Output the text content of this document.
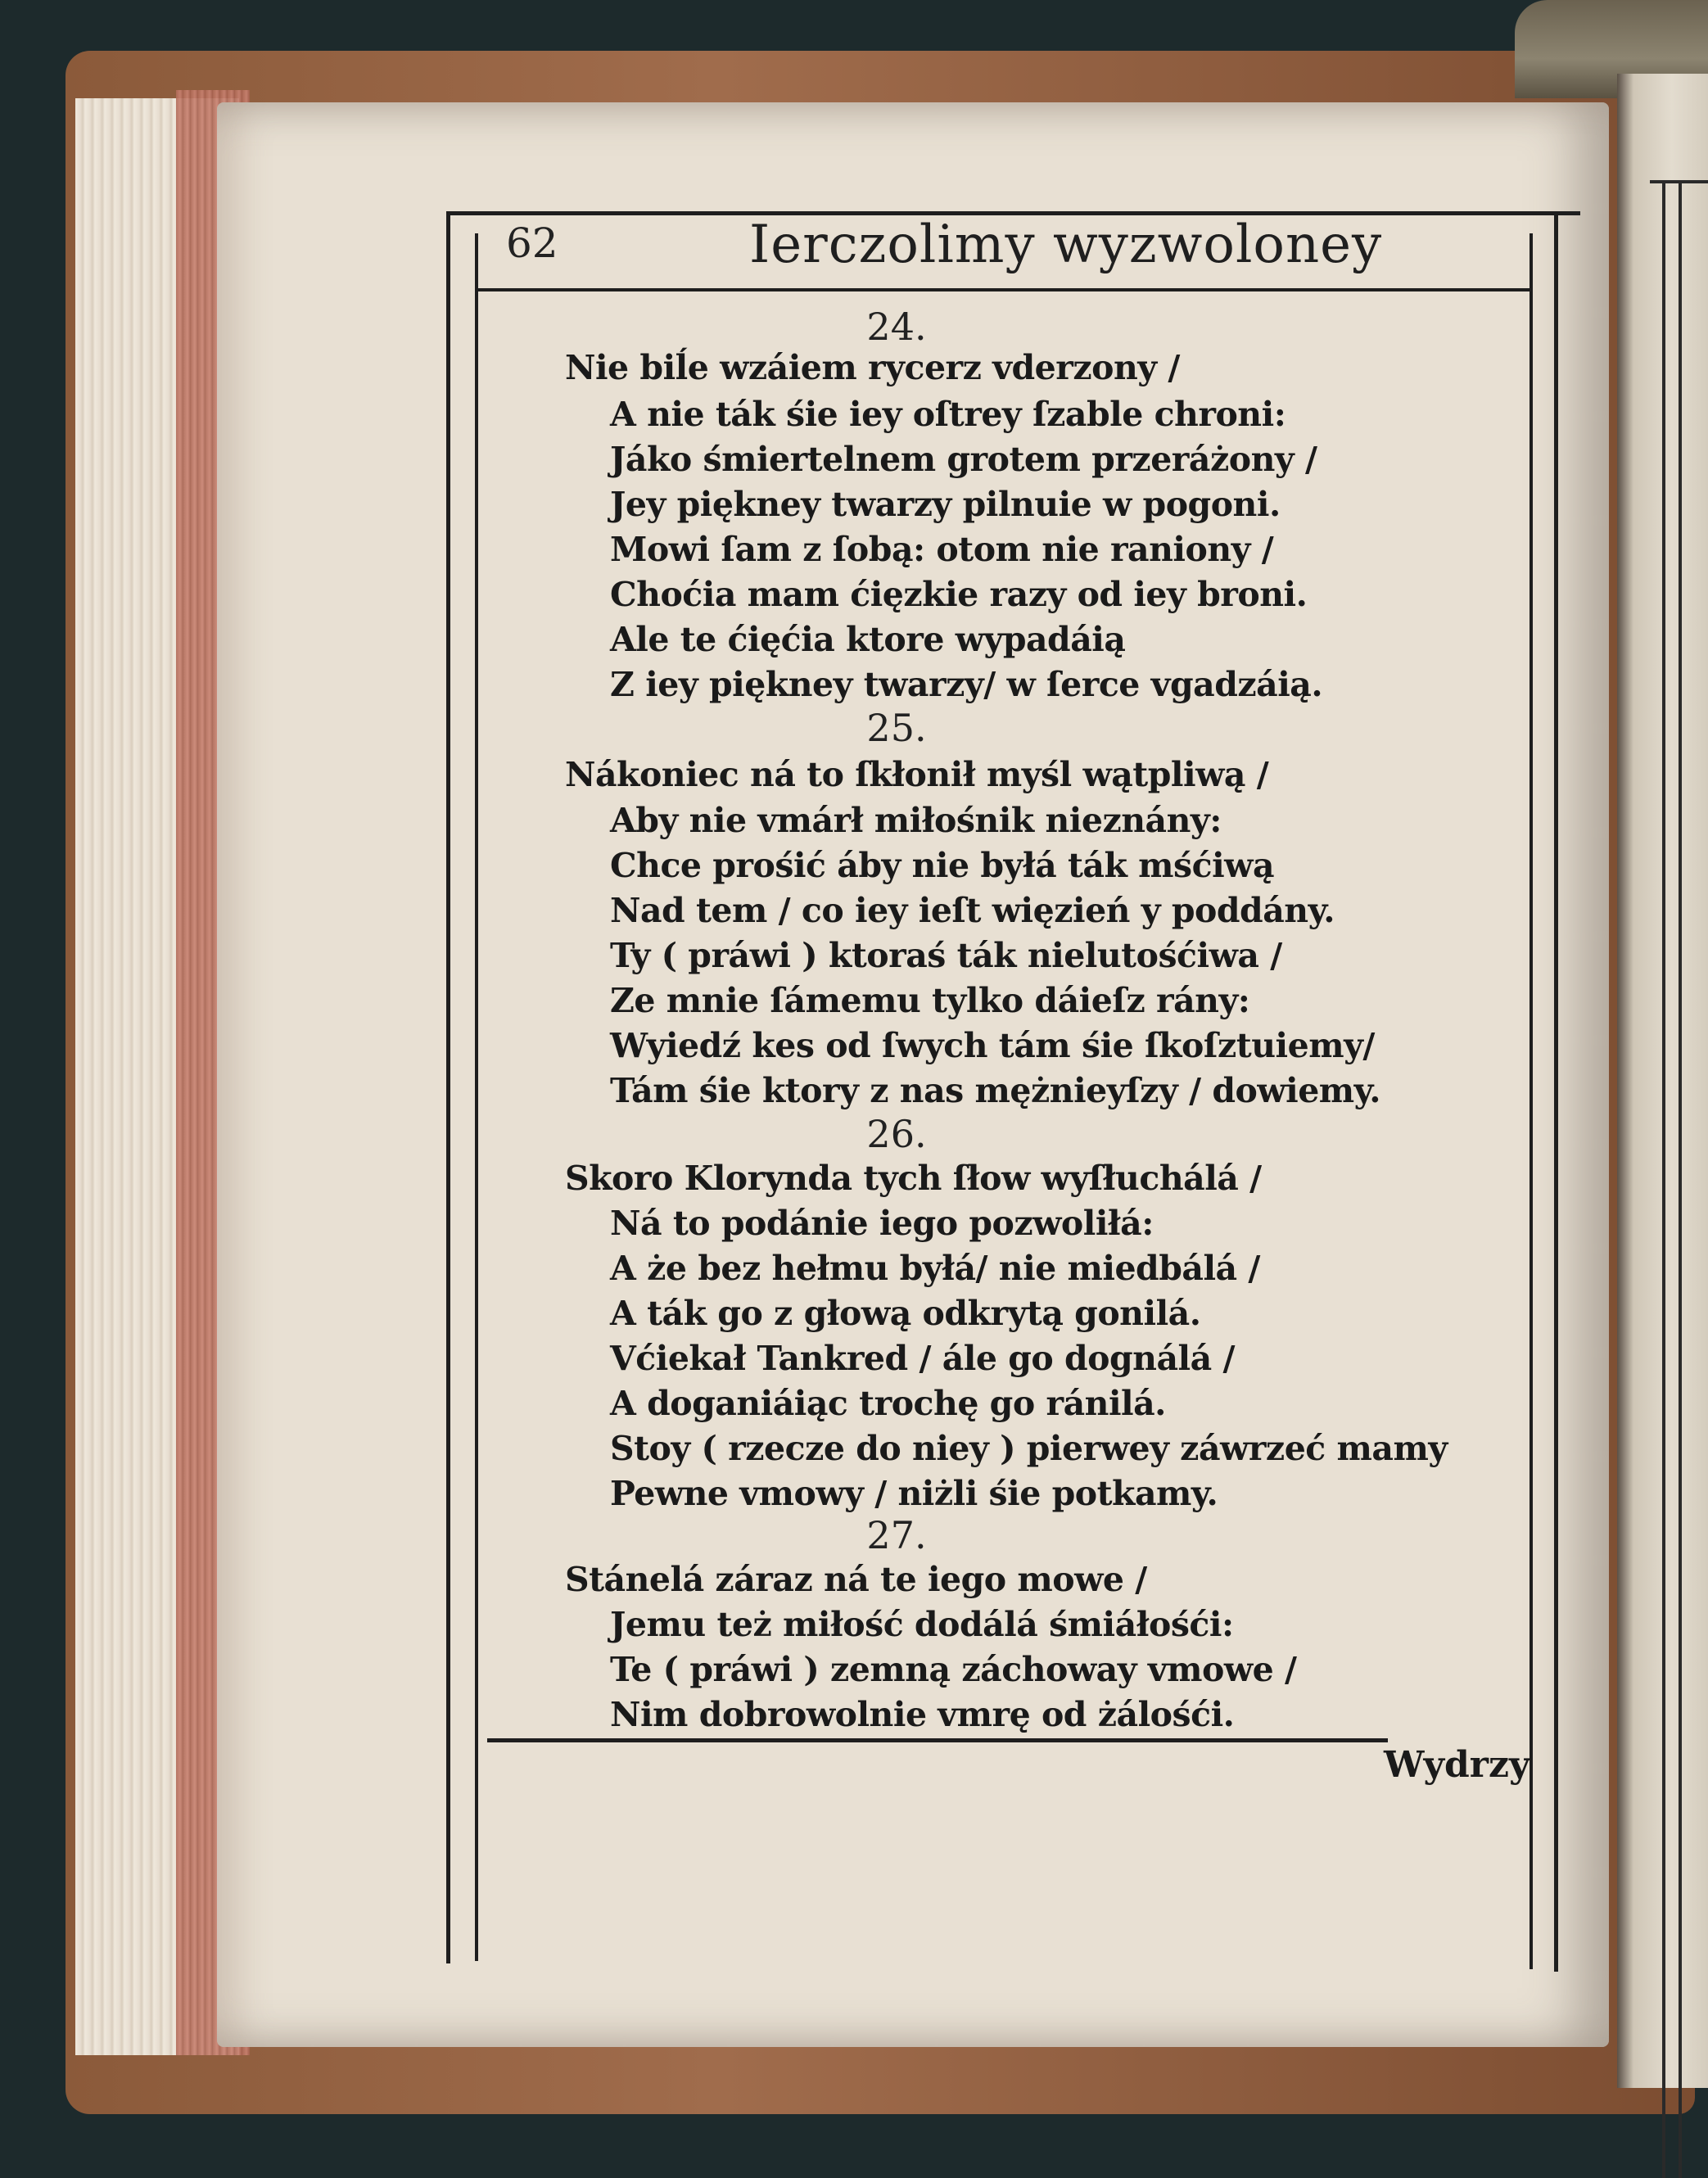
62	Ierczolimy wyzwoloney
24.
Nie biĺe wzáiem rycerz vderzony /
A nie ták śie iey oſtrey ſzable chroni:
Jáko śmiertelnem grotem przeráżony /
Jey piękney twarzy pilnuie w pogoni.
Mowi ſam z ſobą: otom nie raniony /
Choćia mam ćięzkie razy od iey broni.
Ale te ćięćia ktore wypadáią
Z iey piękney twarzy/ w ſerce vgadzáią.
25.
Nákoniec ná to ſkłonił myśl wątpliwą /
Aby nie vmárł miłośnik nieznány:
Chce prośić áby nie byłá ták mśćiwą
Nad tem / co iey ieſt więzień y poddány.
Ty ( práwi ) ktoraś ták nielutośćiwa /
Ze mnie ſámemu tylko dáieſz rány:
Wyiedź kes od ſwych tám śie ſkoſztuiemy/
Tám śie ktory z nas mężnieyſzy / dowiemy.
26.
Skoro Klorynda tych ſłow wyſłuchálá /
Ná to podánie iego pozwoliłá:
A że bez hełmu byłá/ nie miedbálá /
A ták go z głową odkrytą gonilá.
Vćiekał Tankred / ále go dognálá /
A doganiáiąc trochę go ránilá.
Stoy ( rzecze do niey ) pierwey záwrzeć mamy
Pewne vmowy / niżli śie potkamy.
27.
Stánelá záraz ná te iego mowe /
Jemu też miłość dodálá śmiáłośći:
Te ( práwi ) zemną záchoway vmowe /
Nim dobrowolnie vmrę od żálośći.
Wydrzy
